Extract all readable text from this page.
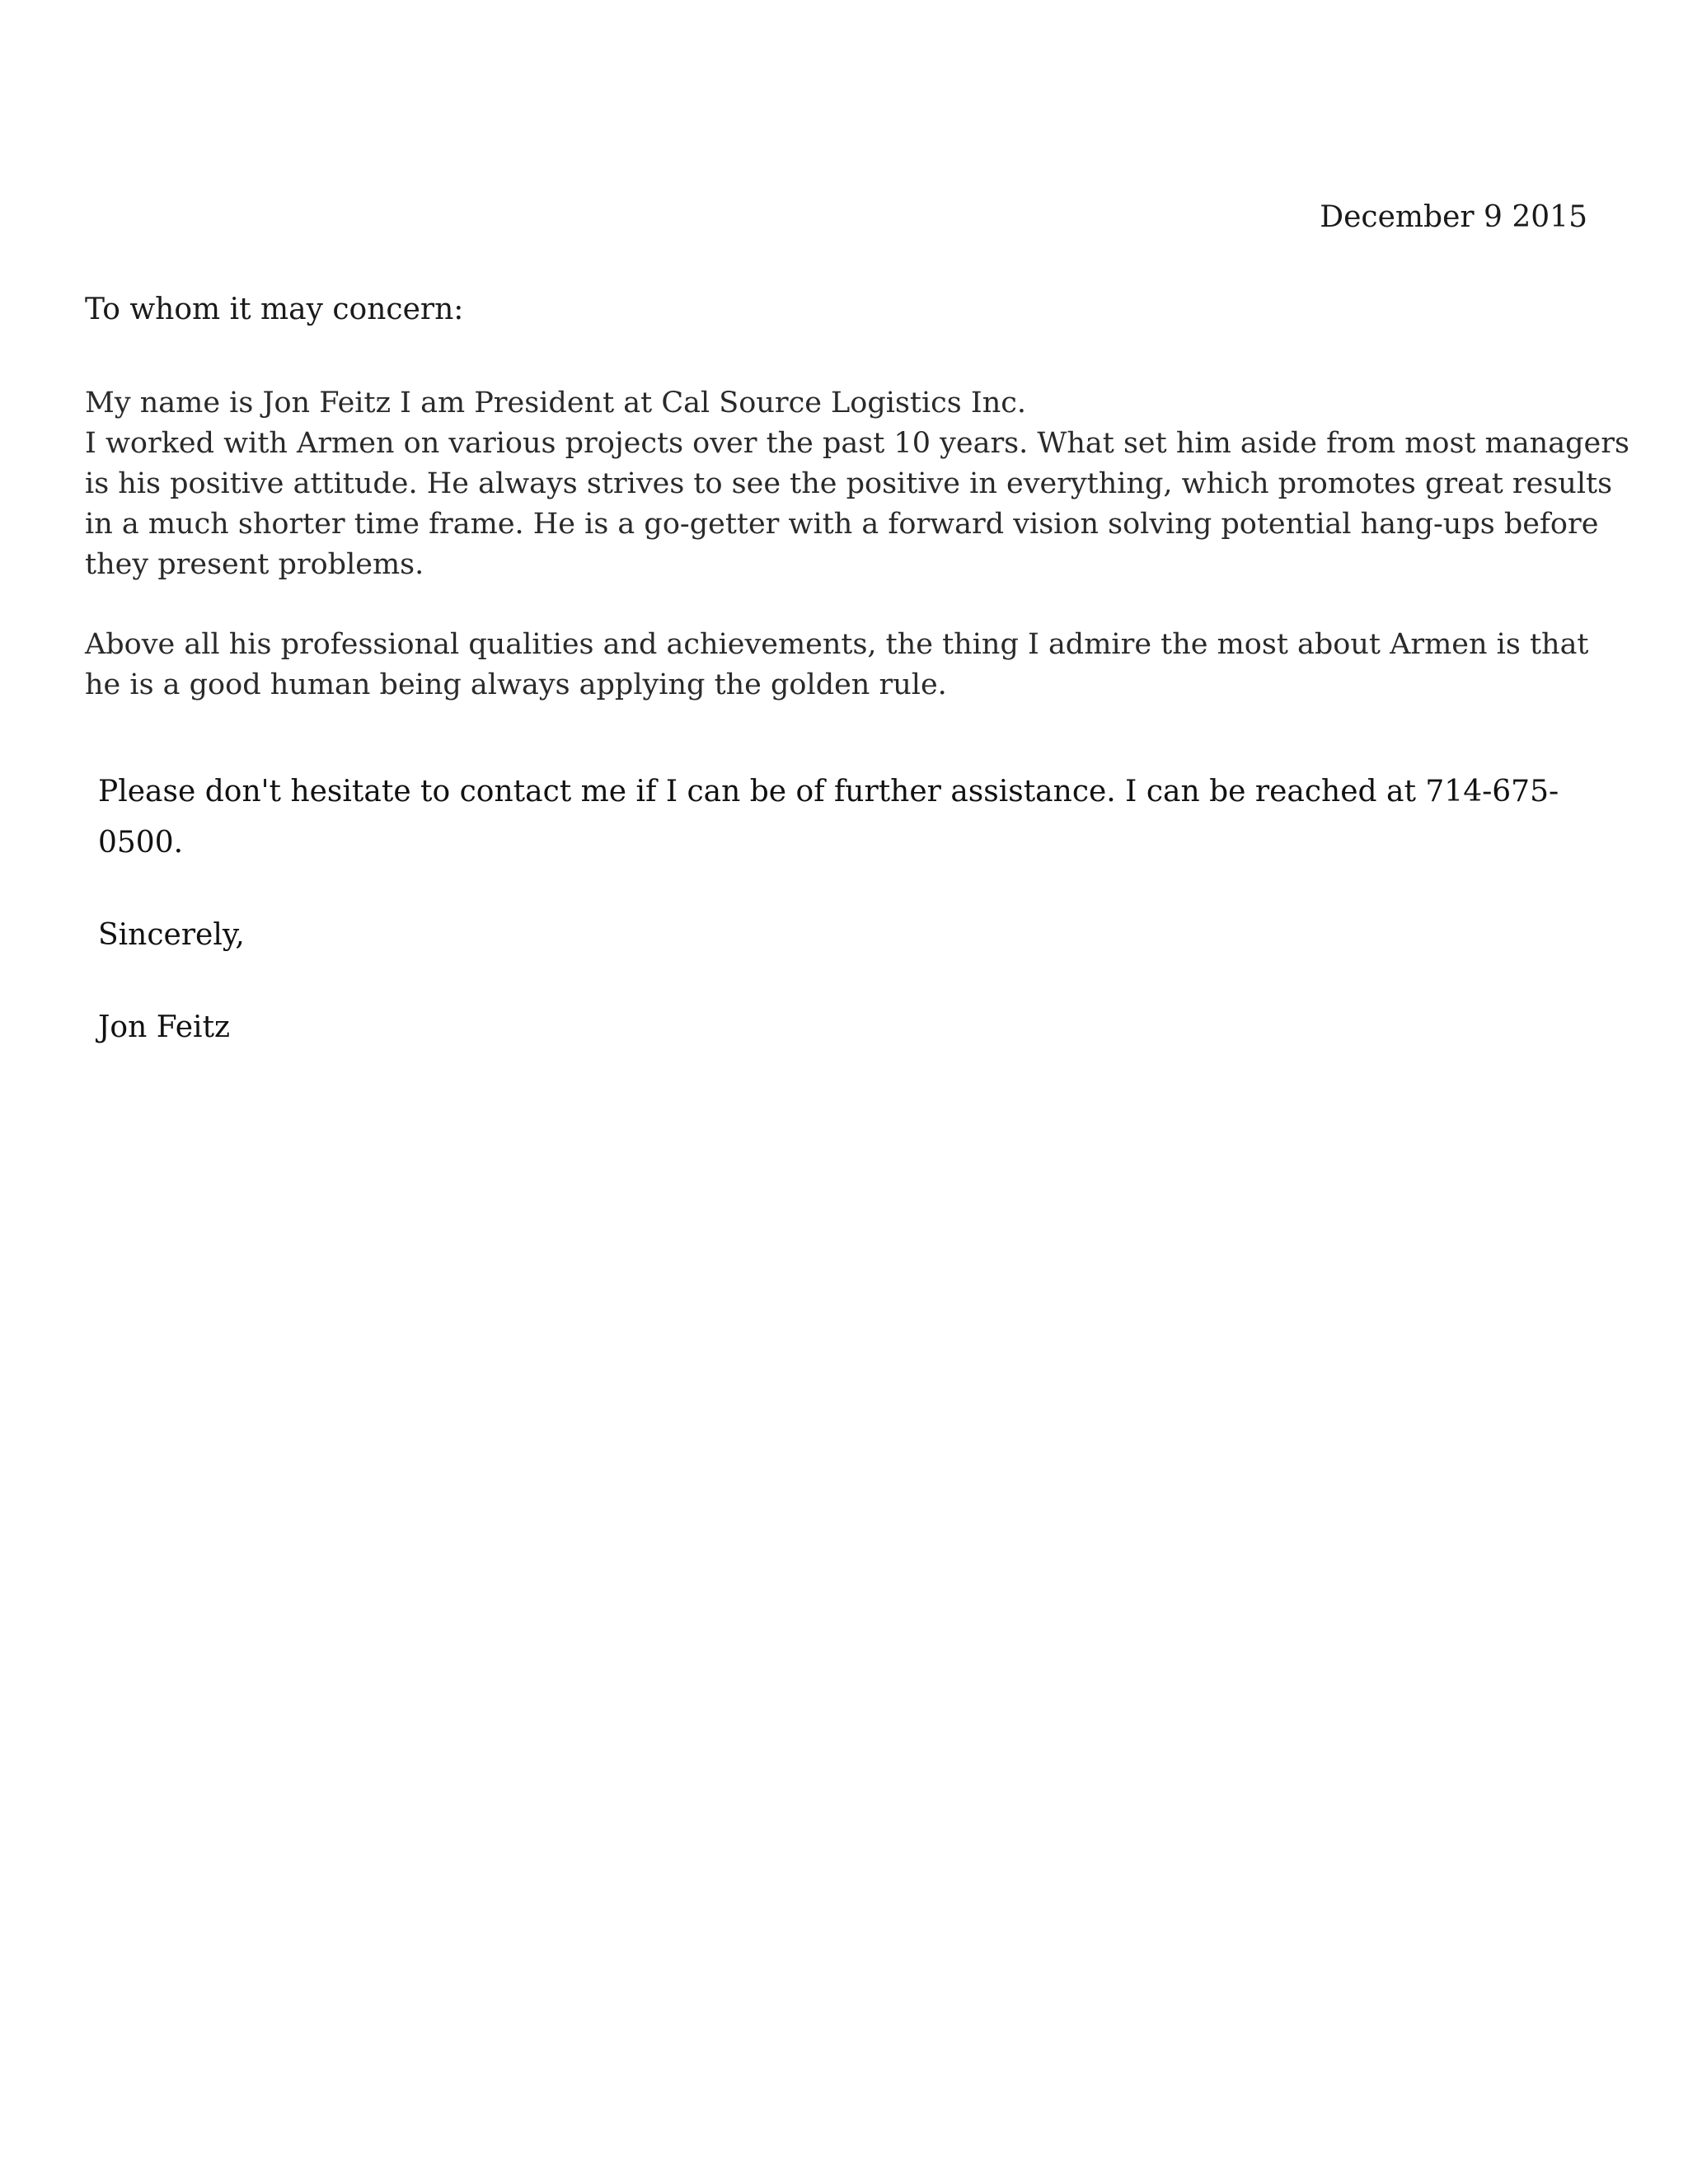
December 9 2015
To whom it may concern:
My name is Jon Feitz I am President at Cal Source Logistics Inc.
I worked with Armen on various projects over the past 10 years. What set him aside from most managers
is his positive attitude. He always strives to see the positive in everything, which promotes great results
in a much shorter time frame. He is a go-getter with a forward vision solving potential hang-ups before
they present problems.
Above all his professional qualities and achievements, the thing I admire the most about Armen is that
he is a good human being always applying the golden rule.
Please don't hesitate to contact me if I can be of further assistance. I can be reached at 714-675-
0500.
Sincerely,
Jon Feitz
